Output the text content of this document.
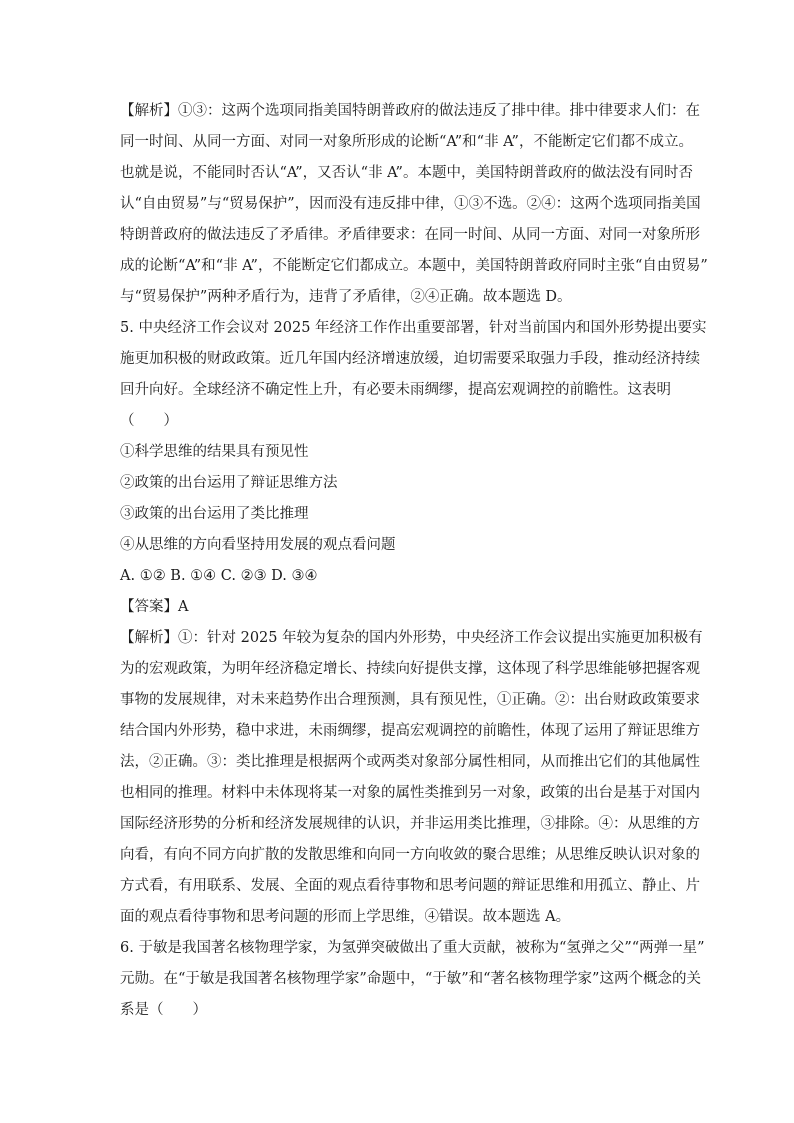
【解析】①③：这两个选项同指美国特朗普政府的做法违反了排中律。排中律要求人们：在
同一时间、从同一方面、对同一对象所形成的论断“A”和“非 A”，不能断定它们都不成立。
也就是说，不能同时否认“A”，又否认“非 A”。本题中，美国特朗普政府的做法没有同时否
认“自由贸易”与“贸易保护”，因而没有违反排中律，①③不选。②④：这两个选项同指美国
特朗普政府的做法违反了矛盾律。矛盾律要求：在同一时间、从同一方面、对同一对象所形
成的论断“A”和“非 A”，不能断定它们都成立。本题中，美国特朗普政府同时主张“自由贸易”
与“贸易保护”两种矛盾行为，违背了矛盾律，②④正确。故本题选 D。
5. 中央经济工作会议对 2025 年经济工作作出重要部署，针对当前国内和国外形势提出要实
施更加积极的财政政策。近几年国内经济增速放缓，迫切需要采取强力手段，推动经济持续
回升向好。全球经济不确定性上升，有必要未雨绸缪，提高宏观调控的前瞻性。这表明
（　　）
①科学思维的结果具有预见性
②政策的出台运用了辩证思维方法
③政策的出台运用了类比推理
④从思维的方向看坚持用发展的观点看问题
A. ①② B. ①④ C. ②③ D. ③④
【答案】A
【解析】①：针对 2025 年较为复杂的国内外形势，中央经济工作会议提出实施更加积极有
为的宏观政策，为明年经济稳定增长、持续向好提供支撑，这体现了科学思维能够把握客观
事物的发展规律，对未来趋势作出合理预测，具有预见性，①正确。②：出台财政政策要求
结合国内外形势，稳中求进，未雨绸缪，提高宏观调控的前瞻性，体现了运用了辩证思维方
法，②正确。③：类比推理是根据两个或两类对象部分属性相同，从而推出它们的其他属性
也相同的推理。材料中未体现将某一对象的属性类推到另一对象，政策的出台是基于对国内
国际经济形势的分析和经济发展规律的认识，并非运用类比推理，③排除。④：从思维的方
向看，有向不同方向扩散的发散思维和向同一方向收敛的聚合思维；从思维反映认识对象的
方式看，有用联系、发展、全面的观点看待事物和思考问题的辩证思维和用孤立、静止、片
面的观点看待事物和思考问题的形而上学思维，④错误。故本题选 A。
6. 于敏是我国著名核物理学家，为氢弹突破做出了重大贡献，被称为“氢弹之父”“两弹一星”
元勋。在“于敏是我国著名核物理学家”命题中，“于敏”和“著名核物理学家”这两个概念的关
系是（　　）
